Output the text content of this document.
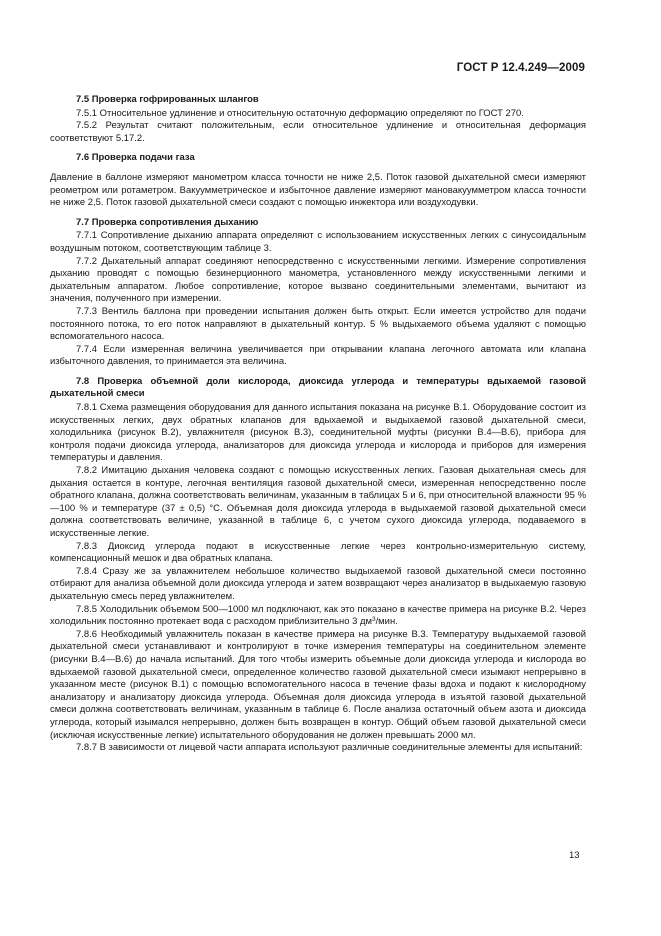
ГОСТ Р 12.4.249—2009
7.5 Проверка гофрированных шлангов
7.5.1 Относительное удлинение и относительную остаточную деформацию определяют по ГОСТ 270.
7.5.2 Результат считают положительным, если относительное удлинение и относительная деформация соответствуют 5.17.2.
7.6 Проверка подачи газа
Давление в баллоне измеряют манометром класса точности не ниже 2,5. Поток газовой дыхательной смеси измеряют реометром или ротаметром. Вакуумметрическое и избыточное давление измеряют мановакуумметром класса точности не ниже 2,5. Поток газовой дыхательной смеси создают с помощью инжектора или воздуходувки.
7.7 Проверка сопротивления дыханию
7.7.1 Сопротивление дыханию аппарата определяют с использованием искусственных легких с синусоидальным воздушным потоком, соответствующим таблице 3.
7.7.2 Дыхательный аппарат соединяют непосредственно с искусственными легкими. Измерение сопротивления дыханию проводят с помощью безинерционного манометра, установленного между искусственными легкими и дыхательным аппаратом. Любое сопротивление, которое вызвано соединительными элементами, вычитают из значения, полученного при измерении.
7.7.3 Вентиль баллона при проведении испытания должен быть открыт. Если имеется устройство для подачи постоянного потока, то его поток направляют в дыхательный контур. 5 % выдыхаемого объема удаляют с помощью вспомогательного насоса.
7.7.4 Если измеренная величина увеличивается при открывании клапана легочного автомата или клапана избыточного давления, то принимается эта величина.
7.8 Проверка объемной доли кислорода, диоксида углерода и температуры вдыхаемой газовой дыхательной смеси
7.8.1 Схема размещения оборудования для данного испытания показана на рисунке В.1. Оборудование состоит из искусственных легких, двух обратных клапанов для вдыхаемой и выдыхаемой газовой дыхательной смеси, холодильника (рисунок В.2), увлажнителя (рисунок В.3), соединительной муфты (рисунки В.4—В.6), прибора для контроля подачи диоксида углерода, анализаторов для диоксида углерода и кислорода и приборов для измерения температуры и давления.
7.8.2 Имитацию дыхания человека создают с помощью искусственных легких. Газовая дыхательная смесь для дыхания остается в контуре, легочная вентиляция газовой дыхательной смеси, измеренная непосредственно после обратного клапана, должна соответствовать величинам, указанным в таблицах 5 и 6, при относительной влажности 95 %—100 % и температуре (37 ± 0,5) °С. Объемная доля диоксида углерода в выдыхаемой газовой дыхательной смеси должна соответствовать величине, указанной в таблице 6, с учетом сухого диоксида углерода, подаваемого в искусственные легкие.
7.8.3 Диоксид углерода подают в искусственные легкие через контрольно-измерительную систему, компенсационный мешок и два обратных клапана.
7.8.4 Сразу же за увлажнителем небольшое количество выдыхаемой газовой дыхательной смеси постоянно отбирают для анализа объемной доли диоксида углерода и затем возвращают через анализатор в выдыхаемую газовую дыхательную смесь перед увлажнителем.
7.8.5 Холодильник объемом 500—1000 мл подключают, как это показано в качестве примера на рисунке В.2. Через холодильник постоянно протекает вода с расходом приблизительно 3 $дм^3$/мин.
7.8.6 Необходимый увлажнитель показан в качестве примера на рисунке В.3. Температуру выдыхаемой газовой дыхательной смеси устанавливают и контролируют в точке измерения температуры на соединительном элементе (рисунки В.4—В.6) до начала испытаний. Для того чтобы измерить объемные доли диоксида углерода и кислорода во вдыхаемой газовой дыхательной смеси, определенное количество газовой дыхательной смеси изымают непрерывно в указанном месте (рисунок В.1) с помощью вспомогательного насоса в течение фазы вдоха и подают к кислородному анализатору и анализатору диоксида углерода. Объемная доля диоксида углерода в изъятой газовой дыхательной смеси должна соответствовать величинам, указанным в таблице 6. После анализа остаточный объем азота и диоксида углерода, который изымался непрерывно, должен быть возвращен в контур. Общий объем газовой дыхательной смеси (исключая искусственные легкие) испытательного оборудования не должен превышать 2000 мл.
7.8.7 В зависимости от лицевой части аппарата используют различные соединительные элементы для испытаний:
13
